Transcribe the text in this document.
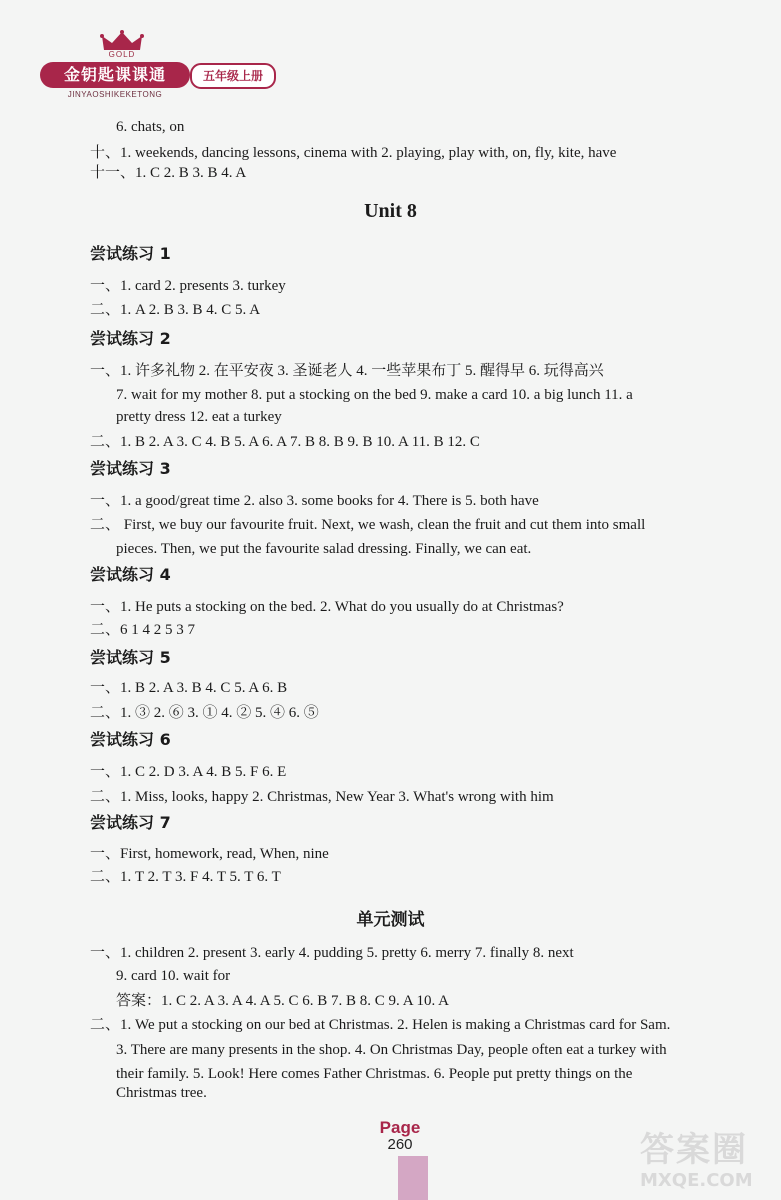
GOLD
金钥匙课课通
JINYAOSHIKEKETONG
五年级上册
6. chats, on
十、1. weekends, dancing lessons, cinema with 2. playing, play with, on, fly, kite, have
十一、1. C 2. B 3. B 4. A
Unit 8
尝试练习 1
一、1. card 2. presents 3. turkey
二、1. A 2. B 3. B 4. C 5. A
尝试练习 2
一、1. 许多礼物 2. 在平安夜 3. 圣诞老人 4. 一些苹果布丁 5. 醒得早 6. 玩得高兴
7. wait for my mother 8. put a stocking on the bed 9. make a card 10. a big lunch 11. a
pretty dress 12. eat a turkey
二、1. B 2. A 3. C 4. B 5. A 6. A 7. B 8. B 9. B 10. A 11. B 12. C
尝试练习 3
一、1. a good/great time 2. also 3. some books for 4. There is 5. both have
二、 First, we buy our favourite fruit. Next, we wash, clean the fruit and cut them into small
pieces. Then, we put the favourite salad dressing. Finally, we can eat.
尝试练习 4
一、1. He puts a stocking on the bed. 2. What do you usually do at Christmas?
二、6 1 4 2 5 3 7
尝试练习 5
一、1. B 2. A 3. B 4. C 5. A 6. B
二、1. ③ 2. ⑥ 3. ① 4. ② 5. ④ 6. ⑤
尝试练习 6
一、1. C 2. D 3. A 4. B 5. F 6. E
二、1. Miss, looks, happy 2. Christmas, New Year 3. What's wrong with him
尝试练习 7
一、First, homework, read, When, nine
二、1. T 2. T 3. F 4. T 5. T 6. T
单元测试
一、1. children 2. present 3. early 4. pudding 5. pretty 6. merry 7. finally 8. next
9. card 10. wait for
答案：1. C 2. A 3. A 4. A 5. C 6. B 7. B 8. C 9. A 10. A
二、1. We put a stocking on our bed at Christmas. 2. Helen is making a Christmas card for Sam.
3. There are many presents in the shop. 4. On Christmas Day, people often eat a turkey with
their family. 5. Look! Here comes Father Christmas. 6. People put pretty things on the
Christmas tree.
Page
260	答案圈
MXQE.COM
